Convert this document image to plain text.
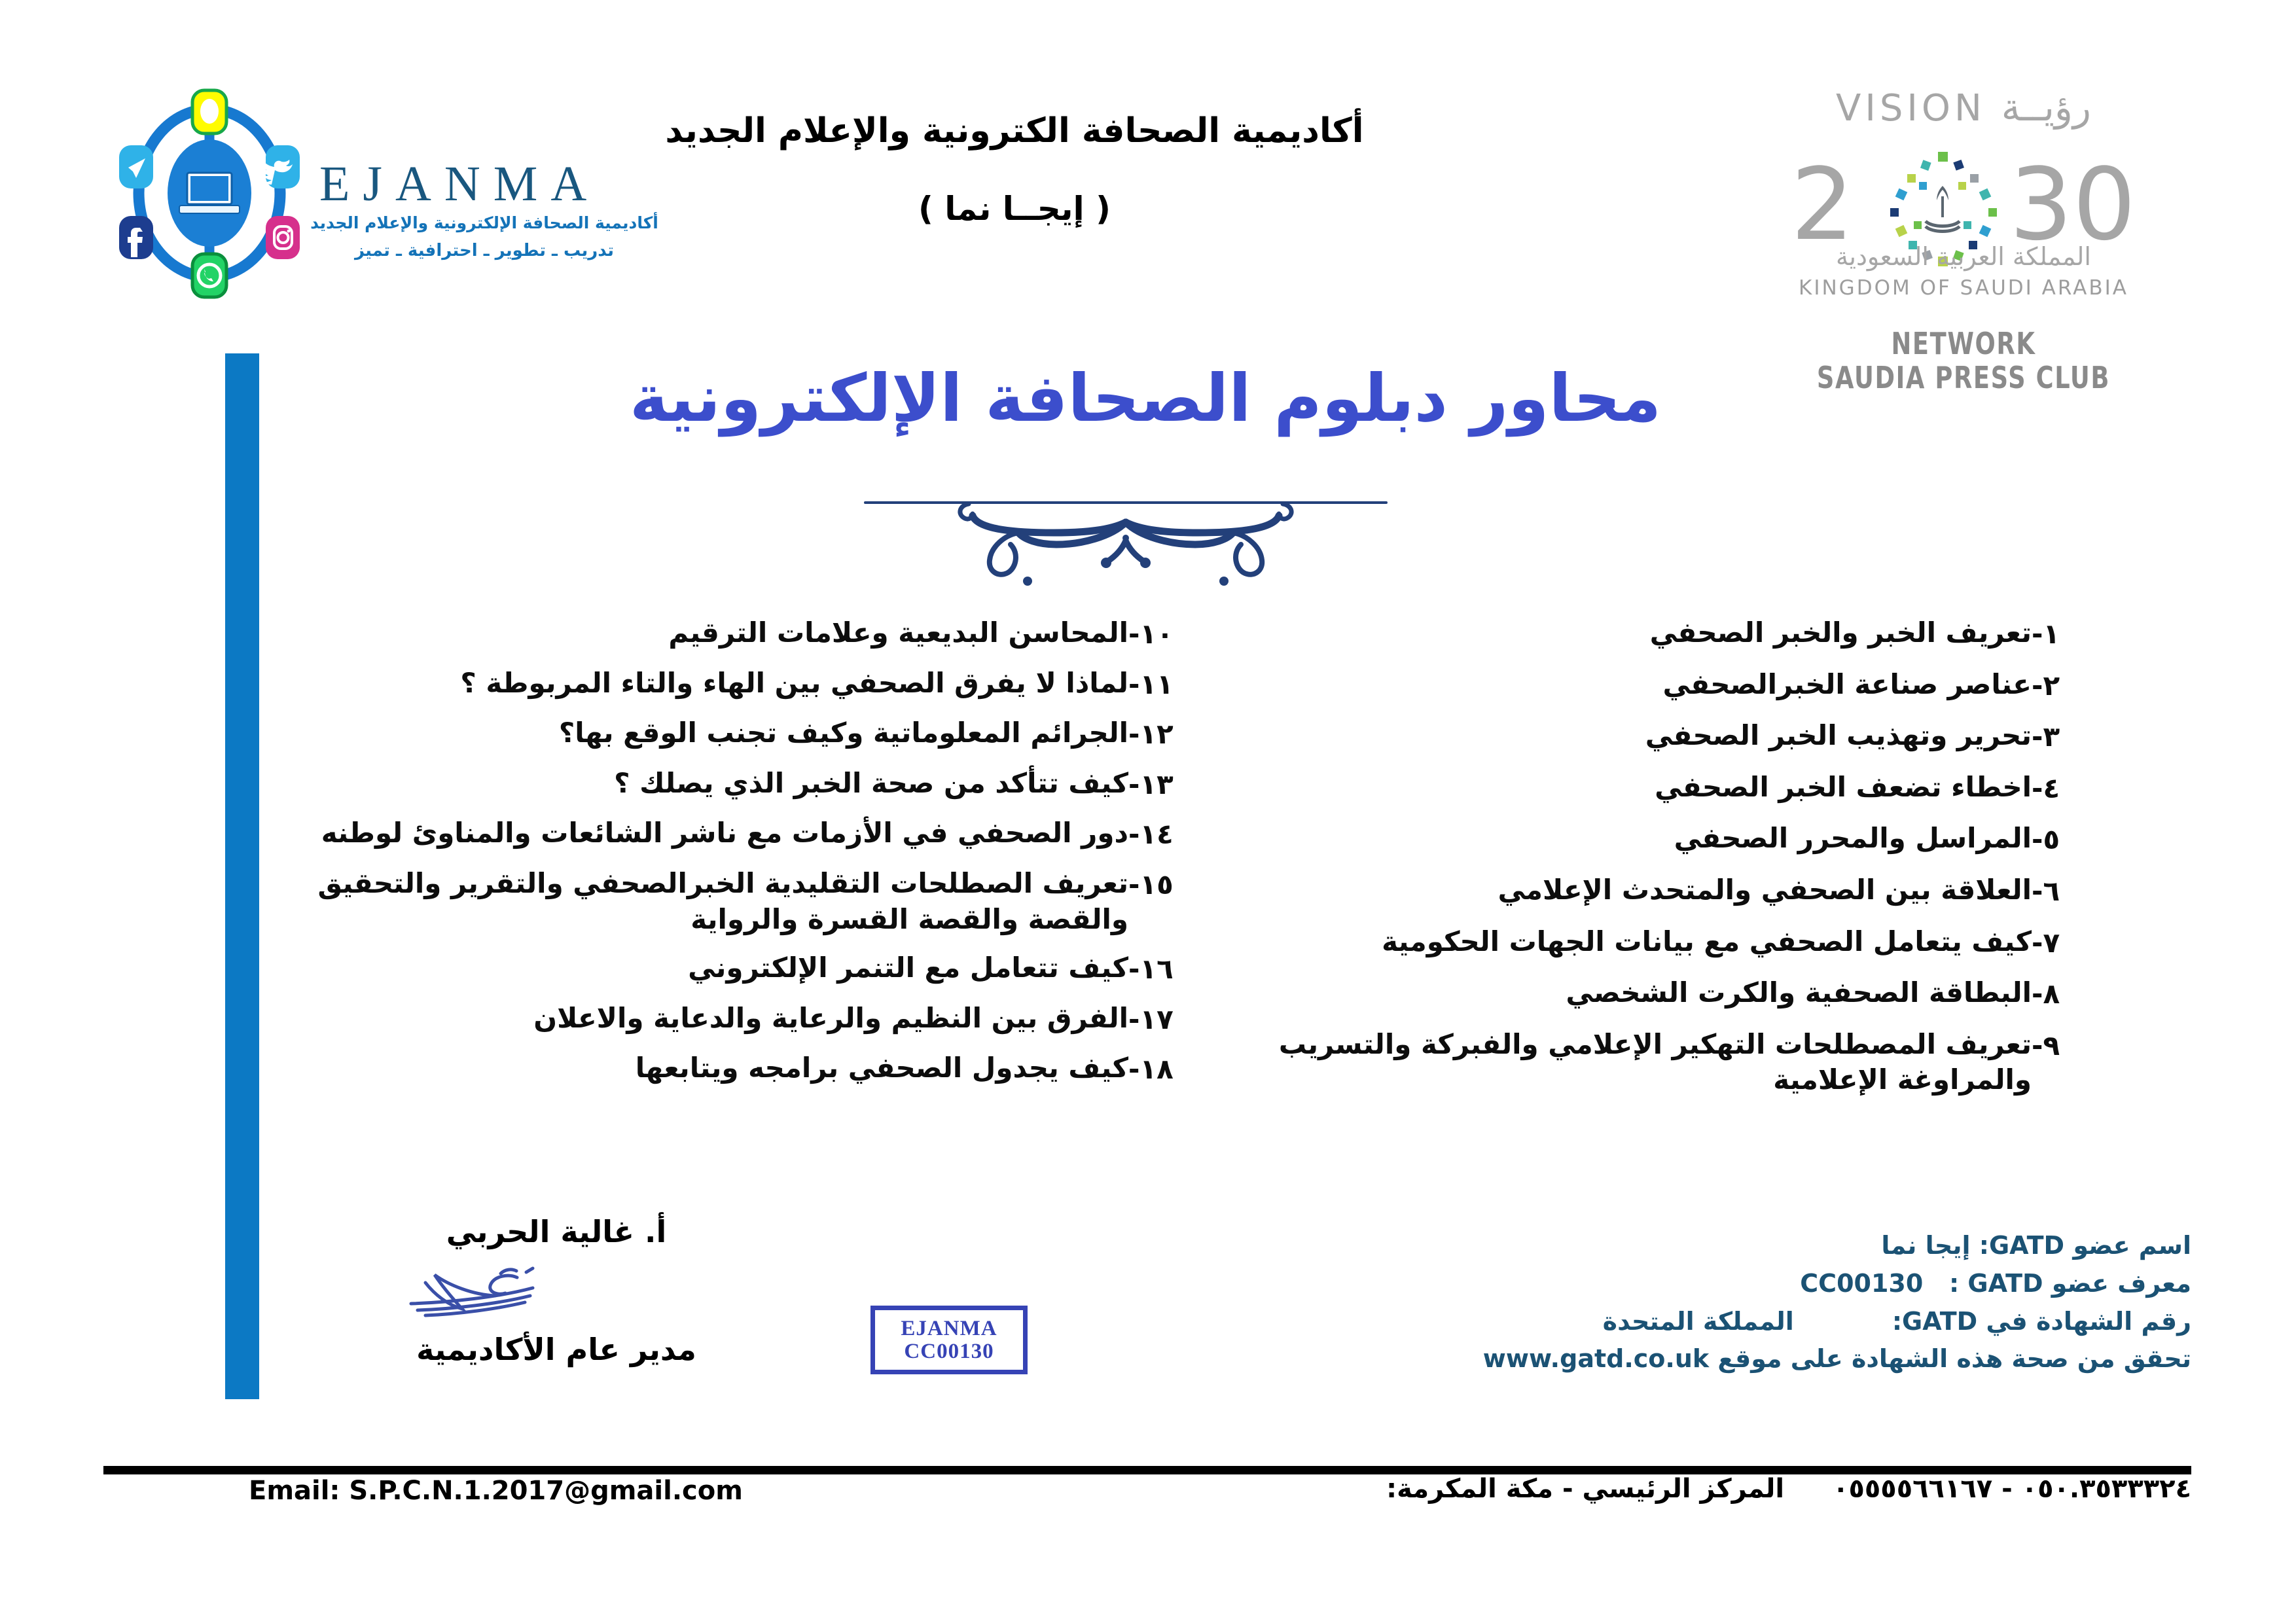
EJANMA
أكاديمية الصحافة الإلكترونية والإعلام الجديد
تدريب ـ تطوير ـ احترافية ـ تميز
أكاديمية الصحافة الكترونية والإعلام الجديد
( إيجــا نما )
VISION رؤيــة
2 30
المملكة العربية السعودية
KINGDOM OF SAUDI ARABIA
NETWORK
SAUDIA PRESS CLUB
محاور دبلوم الصحافة الإلكترونية
١-
تعريف الخبر والخبر الصحفي
٢-
عناصر صناعة الخبرالصحفي
٣-
تحرير وتهذيب الخبر الصحفي
٤-
اخطاء تضعف الخبر الصحفي
٥-
المراسل والمحرر الصحفي
٦-
العلاقة بين الصحفي والمتحدث الإعلامي
٧-
كيف يتعامل الصحفي مع بيانات الجهات الحكومية
٨-
البطاقة الصحفية والكرت الشخصي
٩-
تعريف المصطلحات التهكير الإعلامي والفبركة والتسريب والمراوغة الإعلامية
١٠-
المحاسن البديعية وعلامات الترقيم
١١-
لماذا لا يفرق الصحفي بين الهاء والتاء المربوطة ؟
١٢-
الجرائم المعلوماتية وكيف تجنب الوقع بها؟
١٣-
كيف تتأكد من صحة الخبر الذي يصلك ؟
١٤-
دور الصحفي في الأزمات مع ناشر الشائعات والمناوئ لوطنه
١٥-
تعريف الصطلحات التقليدية الخبرالصحفي والتقرير والتحقيق والقصة والقصة القسرة والرواية
١٦-
كيف تتعامل مع التنمر الإلكتروني
١٧-
الفرق بين النظيم والرعاية والدعاية والاعلان
١٨-
كيف يجدول الصحفي برامجه ويتابعها
أ. غالية الحربي
مدير عام الأكاديمية
EJANMA
CC00130
اسم عضو GATD: إيجا نما
معرف عضو GATD :   CC00130
رقم الشهادة في GATD:
المملكة المتحدة
تحقق من صحة هذه الشهادة على موقع www.gatd.co.uk
Email: S.P.C.N.1.2017@gmail.com	٠٥٠.٣٥٣٣٣٢٤ - ٠٥٥٥٥٦٦١٦٧ المركز الرئيسي - مكة المكرمة:
